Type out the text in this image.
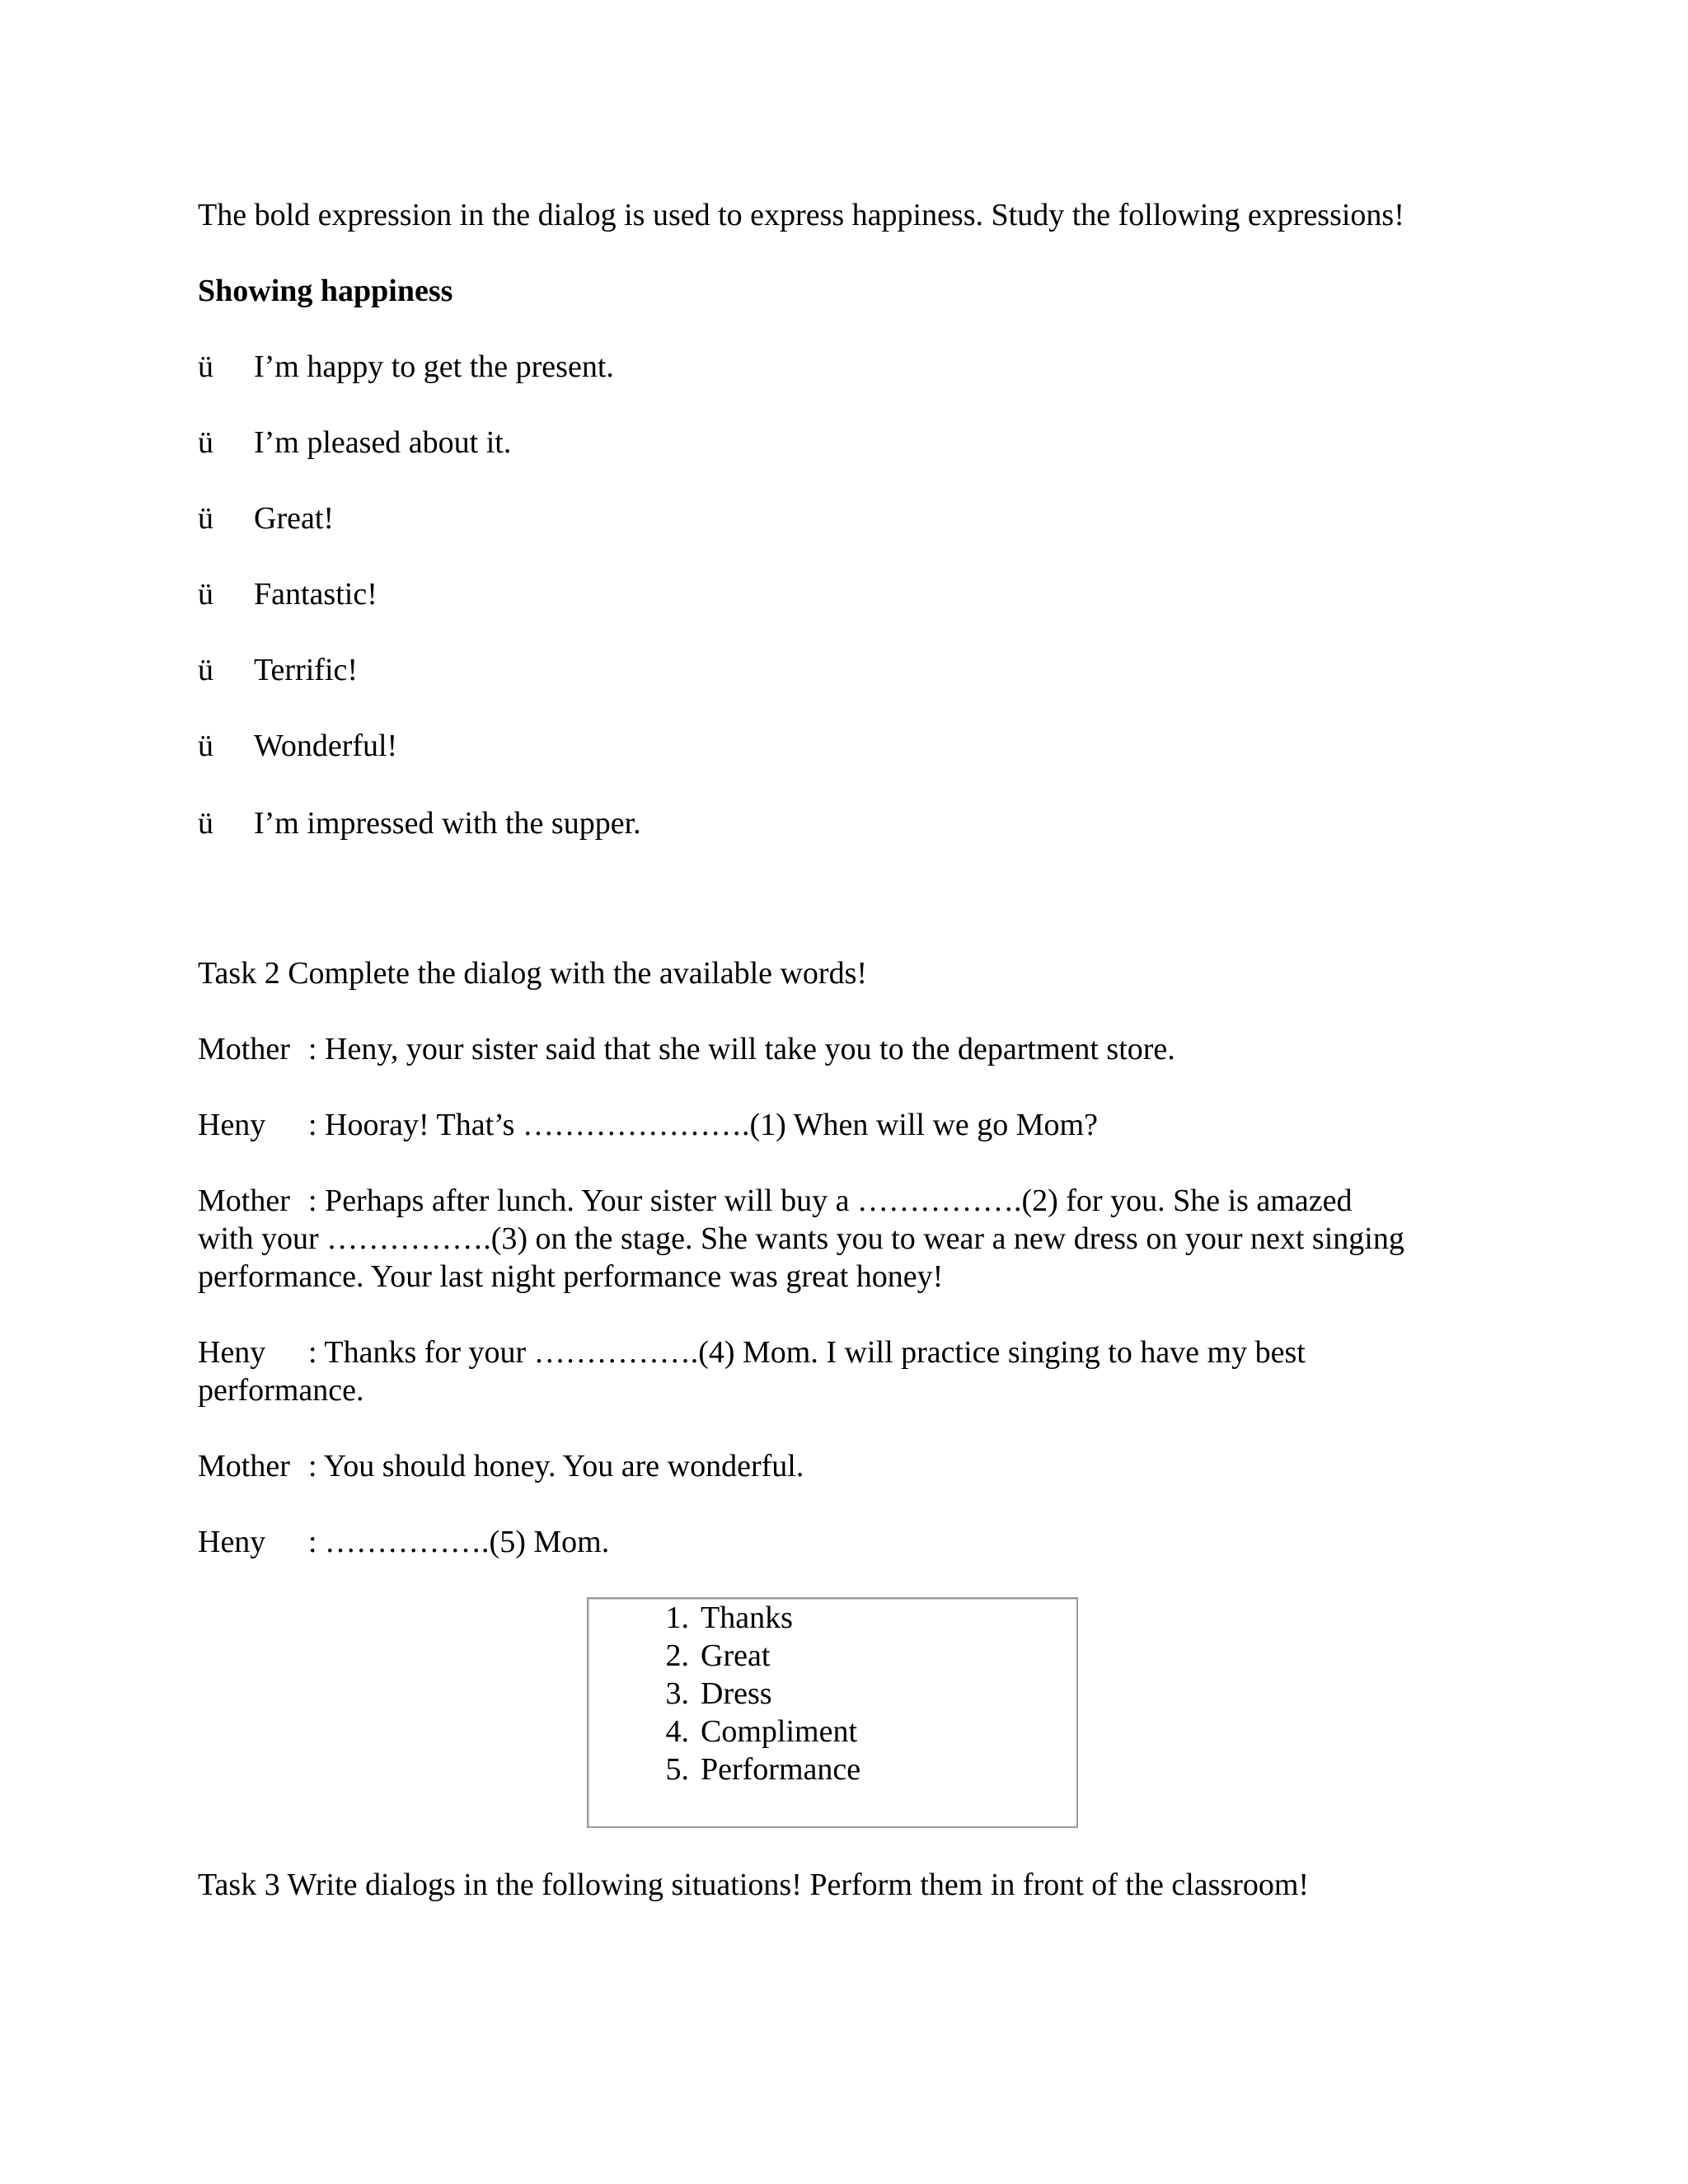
The bold expression in the dialog is used to express happiness. Study the following expressions!
Showing happiness
ü I’m happy to get the present.
ü I’m pleased about it.
ü Great!
ü Fantastic!
ü Terrific!
ü Wonderful!
ü I’m impressed with the supper.
Task 2 Complete the dialog with the available words!
Mother : Heny, your sister said that she will take you to the department store.
Heny : Hooray! That’s ………………….(1) When will we go Mom?
Mother : Perhaps after lunch. Your sister will buy a …………….(2) for you. She is amazed
with your …………….(3) on the stage. She wants you to wear a new dress on your next singing
performance. Your last night performance was great honey!
Heny : Thanks for your …………….(4) Mom. I will practice singing to have my best
performance.
Mother : You should honey. You are wonderful.
Heny : …………….(5) Mom.
1. Thanks
2. Great
3. Dress
4. Compliment
5. Performance
Task 3 Write dialogs in the following situations! Perform them in front of the classroom!
